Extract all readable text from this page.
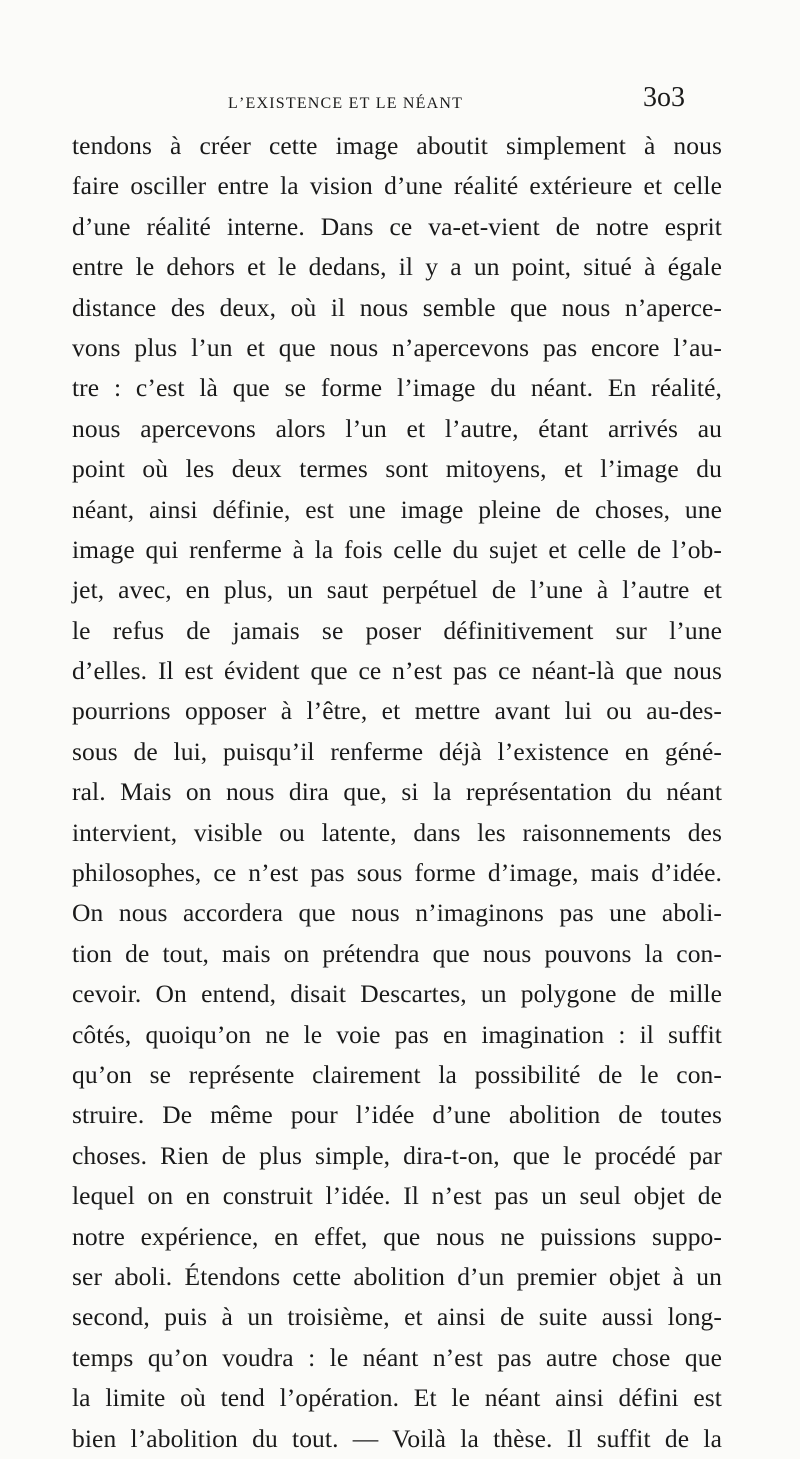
l’existence et le néant	3o3
tendons à créer cette image aboutit simplement à nous
faire osciller entre la vision d’une réalité extérieure et celle
d’une réalité interne. Dans ce va-et-vient de notre esprit
entre le dehors et le dedans, il y a un point, situé à égale
distance des deux, où il nous semble que nous n’aperce-
vons plus l’un et que nous n’apercevons pas encore l’au-
tre : c’est là que se forme l’image du néant. En réalité,
nous apercevons alors l’un et l’autre, étant arrivés au
point où les deux termes sont mitoyens, et l’image du
néant, ainsi définie, est une image pleine de choses, une
image qui renferme à la fois celle du sujet et celle de l’ob-
jet, avec, en plus, un saut perpétuel de l’une à l’autre et
le refus de jamais se poser définitivement sur l’une
d’elles. Il est évident que ce n’est pas ce néant-là que nous
pourrions opposer à l’être, et mettre avant lui ou au-des-
sous de lui, puisqu’il renferme déjà l’existence en géné-
ral. Mais on nous dira que, si la représentation du néant
intervient, visible ou latente, dans les raisonnements des
philosophes, ce n’est pas sous forme d’image, mais d’idée.
On nous accordera que nous n’imaginons pas une aboli-
tion de tout, mais on prétendra que nous pouvons la con-
cevoir. On entend, disait Descartes, un polygone de mille
côtés, quoiqu’on ne le voie pas en imagination : il suffit
qu’on se représente clairement la possibilité de le con-
struire. De même pour l’idée d’une abolition de toutes
choses. Rien de plus simple, dira-t-on, que le procédé par
lequel on en construit l’idée. Il n’est pas un seul objet de
notre expérience, en effet, que nous ne puissions suppo-
ser aboli. Étendons cette abolition d’un premier objet à un
second, puis à un troisième, et ainsi de suite aussi long-
temps qu’on voudra : le néant n’est pas autre chose que
la limite où tend l’opération. Et le néant ainsi défini est
bien l’abolition du tout. — Voilà la thèse. Il suffit de la
